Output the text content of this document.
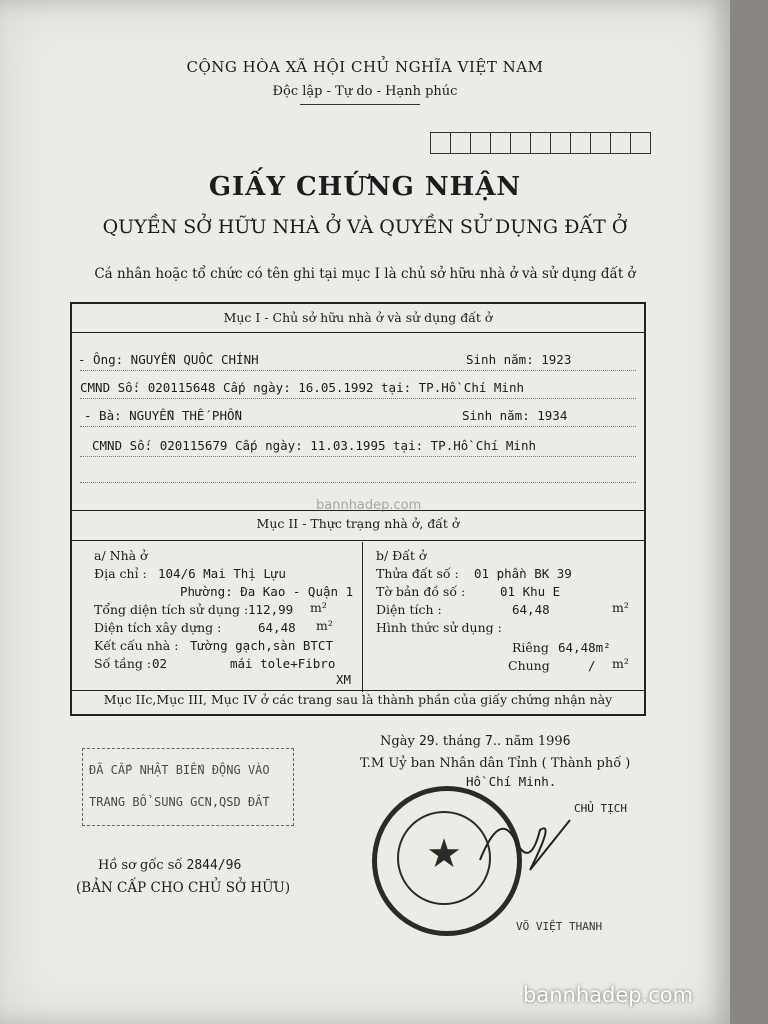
CỘNG HÒA XÃ HỘI CHỦ NGHĨA VIỆT NAM
Độc lập - Tự do - Hạnh phúc
GIẤY CHỨNG NHẬN
QUYỀN SỞ HỮU NHÀ Ở VÀ QUYỀN SỬ DỤNG ĐẤT Ở
Cá nhân hoặc tổ chức có tên ghi tại mục I là chủ sở hữu nhà ở và sử dụng đất ở
Mục I - Chủ sở hữu nhà ở và sử dụng đất ở
- Ông: NGUYỄN QUỐC CHÍNH	Sinh năm: 1923
CMND Số: 020115648 Cấp ngày: 16.05.1992 tại: TP.Hồ Chí Minh
- Bà: NGUYỄN THẾ PHỒN	Sinh năm: 1934
CMND Số: 020115679 Cấp ngày: 11.03.1995 tại: TP.Hồ Chí Minh
Mục II - Thực trạng nhà ở, đất ở
a/ Nhà ở
Địa chỉ : 104/6 Mai Thị Lựu
Phường: Đa Kao - Quận 1
Tổng diện tích sử dụng : 112,99 m²
Diện tích xây dựng :	64,48 m²
Kết cấu nhà : Tường gạch,sàn BTCT
Số tầng : 02	mái tole+Fibro
XM
b/ Đất ở
Thửa đất số : 01 phần BK 39
Tờ bản đồ số :	01 Khu E
Diện tích :	64,48	m²
Hình thức sử dụng :
Riêng 64,48m²
Chung	/ m²
Mục IIc,Mục III, Mục IV ở các trang sau là thành phần của giấy chứng nhận này
bannhadep.com
Ngày 29. tháng 7.. năm 1996
T.M Uỷ ban Nhân dân Tỉnh ( Thành phố )
Hồ Chí Minh.
CHỦ TỊCH
★
VÕ VIỆT THANH
ĐÃ CẤP NHẬT BIẾN ĐỘNG VÀO
TRANG BỔ SUNG GCN,QSD ĐẤT
Hồ sơ gốc số 2844/96
(BẢN CẤP CHO CHỦ SỞ HỮU)
bannhadep.com
